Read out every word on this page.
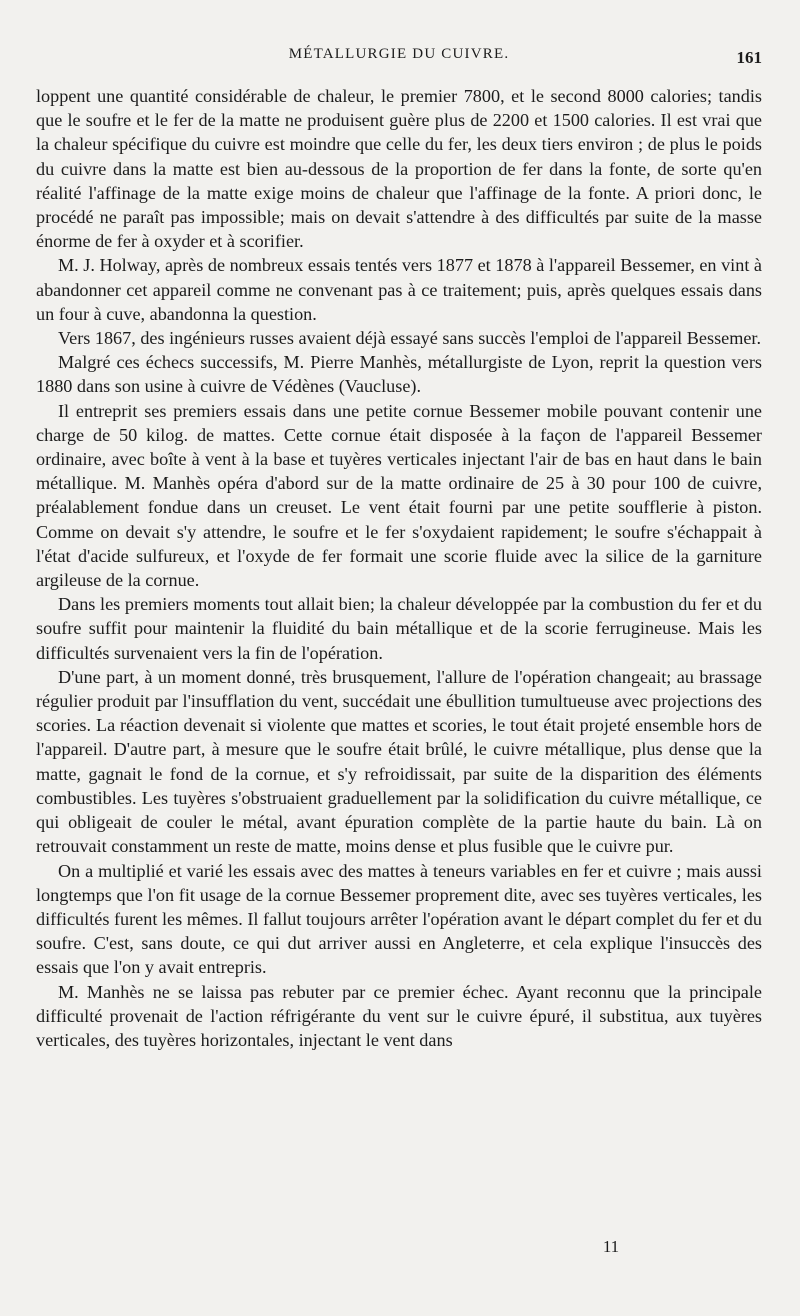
MÉTALLURGIE DU CUIVRE.	161

loppent une quantité considérable de chaleur, le premier 7800, et le second 8000 calories; tandis que le soufre et le fer de la matte ne produisent guère plus de 2200 et 1500 calories. Il est vrai que la chaleur spécifique du cuivre est moindre que celle du fer, les deux tiers environ ; de plus le poids du cuivre dans la matte est bien au-dessous de la proportion de fer dans la fonte, de sorte qu'en réalité l'affinage de la matte exige moins de chaleur que l'affinage de la fonte. A priori donc, le procédé ne paraît pas impossible; mais on devait s'attendre à des difficultés par suite de la masse énorme de fer à oxyder et à scorifier.

M. J. Holway, après de nombreux essais tentés vers 1877 et 1878 à l'appareil Bessemer, en vint à abandonner cet appareil comme ne convenant pas à ce traitement; puis, après quelques essais dans un four à cuve, abandonna la question.

Vers 1867, des ingénieurs russes avaient déjà essayé sans succès l'emploi de l'appareil Bessemer.

Malgré ces échecs successifs, M. Pierre Manhès, métallurgiste de Lyon, reprit la question vers 1880 dans son usine à cuivre de Védènes (Vaucluse).

Il entreprit ses premiers essais dans une petite cornue Bessemer mobile pouvant contenir une charge de 50 kilog. de mattes. Cette cornue était disposée à la façon de l'appareil Bessemer ordinaire, avec boîte à vent à la base et tuyères verticales injectant l'air de bas en haut dans le bain métallique. M. Manhès opéra d'abord sur de la matte ordinaire de 25 à 30 pour 100 de cuivre, préalablement fondue dans un creuset. Le vent était fourni par une petite soufflerie à piston. Comme on devait s'y attendre, le soufre et le fer s'oxydaient rapidement; le soufre s'échappait à l'état d'acide sulfureux, et l'oxyde de fer formait une scorie fluide avec la silice de la garniture argileuse de la cornue.

Dans les premiers moments tout allait bien; la chaleur développée par la combustion du fer et du soufre suffit pour maintenir la fluidité du bain métallique et de la scorie ferrugineuse. Mais les difficultés survenaient vers la fin de l'opération.

D'une part, à un moment donné, très brusquement, l'allure de l'opération changeait; au brassage régulier produit par l'insufflation du vent, succédait une ébullition tumultueuse avec projections des scories. La réaction devenait si violente que mattes et scories, le tout était projeté ensemble hors de l'appareil. D'autre part, à mesure que le soufre était brûlé, le cuivre métallique, plus dense que la matte, gagnait le fond de la cornue, et s'y refroidissait, par suite de la disparition des éléments combustibles. Les tuyères s'obstruaient graduellement par la solidification du cuivre métallique, ce qui obligeait de couler le métal, avant épuration complète de la partie haute du bain. Là on retrouvait constamment un reste de matte, moins dense et plus fusible que le cuivre pur.

On a multiplié et varié les essais avec des mattes à teneurs variables en fer et cuivre ; mais aussi longtemps que l'on fit usage de la cornue Bessemer proprement dite, avec ses tuyères verticales, les difficultés furent les mêmes. Il fallut toujours arrêter l'opération avant le départ complet du fer et du soufre. C'est, sans doute, ce qui dut arriver aussi en Angleterre, et cela explique l'insuccès des essais que l'on y avait entrepris.

M. Manhès ne se laissa pas rebuter par ce premier échec. Ayant reconnu que la principale difficulté provenait de l'action réfrigérante du vent sur le cuivre épuré, il substitua, aux tuyères verticales, des tuyères horizontales, injectant le vent dans

11
